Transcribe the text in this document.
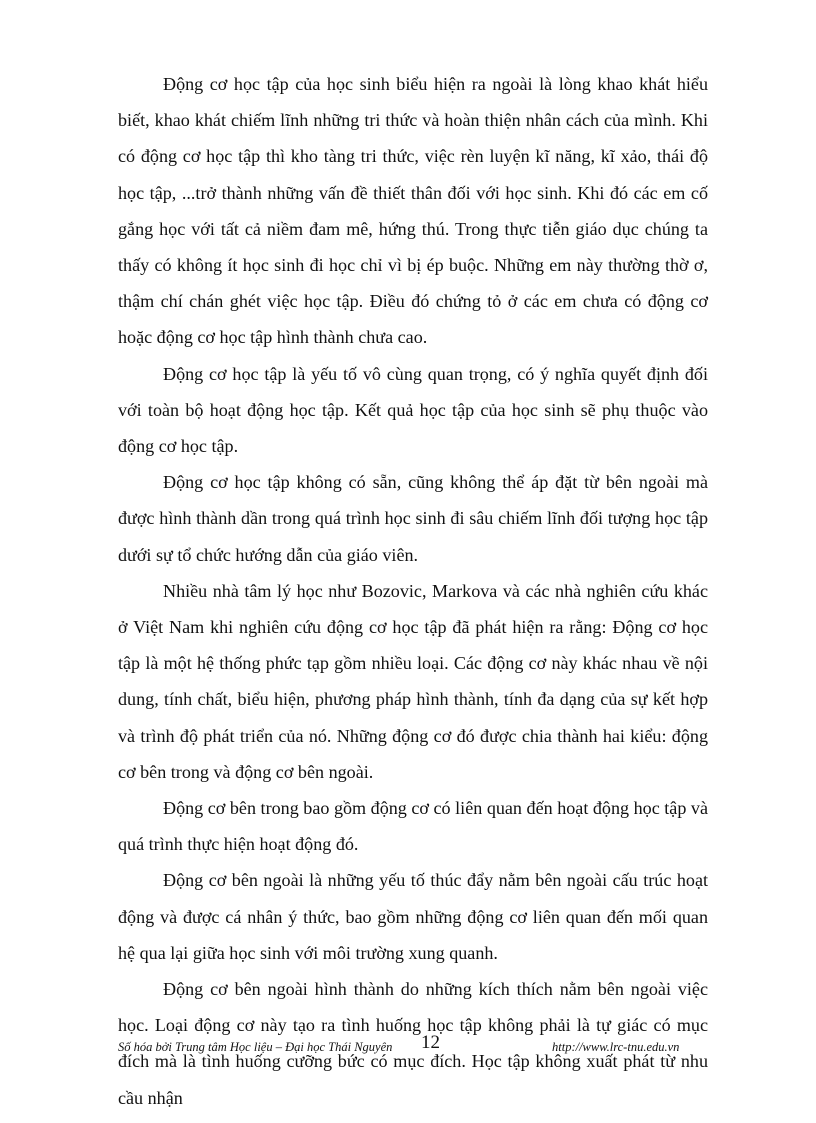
Động cơ học tập của học sinh biểu hiện ra ngoài là lòng khao khát hiểu biết, khao khát chiếm lĩnh những tri thức và hoàn thiện nhân cách của mình. Khi có động cơ học tập thì kho tàng tri thức, việc rèn luyện kĩ năng, kĩ xảo, thái độ học tập, ...trở thành những vấn đề thiết thân đối với học sinh. Khi đó các em cố gắng học với tất cả niềm đam mê, hứng thú. Trong thực tiễn giáo dục chúng ta thấy có không ít học sinh đi học chỉ vì bị ép buộc. Những em này thường thờ ơ, thậm chí chán ghét việc học tập. Điều đó chứng tỏ ở các em chưa có động cơ hoặc động cơ học tập hình thành chưa cao.

Động cơ học tập là yếu tố vô cùng quan trọng, có ý nghĩa quyết định đối với toàn bộ hoạt động học tập. Kết quả học tập của học sinh sẽ phụ thuộc vào động cơ học tập.

Động cơ học tập không có sẵn, cũng không thể áp đặt từ bên ngoài mà được hình thành dần trong quá trình học sinh đi sâu chiếm lĩnh đối tượng học tập dưới sự tổ chức hướng dẫn của giáo viên.

Nhiều nhà tâm lý học như Bozovic, Markova và các nhà nghiên cứu khác ở Việt Nam khi nghiên cứu động cơ học tập đã phát hiện ra rằng: Động cơ học tập là một hệ thống phức tạp gồm nhiều loại. Các động cơ này khác nhau về nội dung, tính chất, biểu hiện, phương pháp hình thành, tính đa dạng của sự kết hợp và trình độ phát triển của nó. Những động cơ đó được chia thành hai kiểu: động cơ bên trong và động cơ bên ngoài.

Động cơ bên trong bao gồm động cơ có liên quan đến hoạt động học tập và quá trình thực hiện hoạt động đó.

Động cơ bên ngoài là những yếu tố thúc đẩy nằm bên ngoài cấu trúc hoạt động và được cá nhân ý thức, bao gồm những động cơ liên quan đến mối quan hệ qua lại giữa học sinh với môi trường xung quanh.

Động cơ bên ngoài hình thành do những kích thích nằm bên ngoài việc học. Loại động cơ này tạo ra tình huống học tập không phải là tự giác có mục đích mà là tình huống cưỡng bức có mục đích. Học tập không xuất phát từ nhu cầu nhận

Số hóa bởi Trung tâm Học liệu – Đại học Thái Nguyên 12	http://www.lrc-tnu.edu.vn
